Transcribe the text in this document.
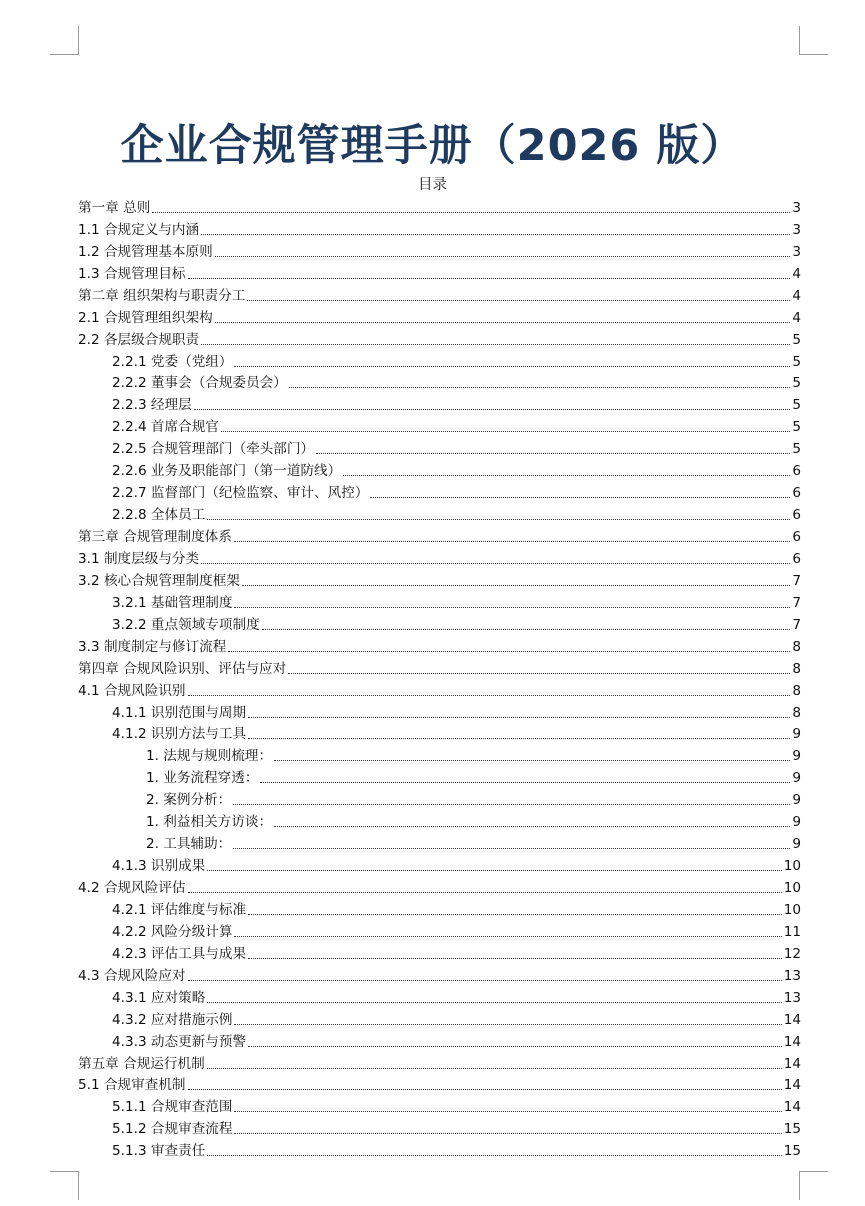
企业合规管理手册（2026 版）
目录
第一章 总则	3
1.1 合规定义与内涵	3
1.2 合规管理基本原则	3
1.3 合规管理目标	4
第二章 组织架构与职责分工	4
2.1 合规管理组织架构	4
2.2 各层级合规职责	5
2.2.1 党委（党组）	5
2.2.2 董事会（合规委员会）	5
2.2.3 经理层	5
2.2.4 首席合规官	5
2.2.5 合规管理部门（牵头部门）	5
2.2.6 业务及职能部门（第一道防线）	6
2.2.7 监督部门（纪检监察、审计、风控）	6
2.2.8 全体员工	6
第三章 合规管理制度体系	6
3.1 制度层级与分类	6
3.2 核心合规管理制度框架	7
3.2.1 基础管理制度	7
3.2.2 重点领域专项制度	7
3.3 制度制定与修订流程	8
第四章 合规风险识别、评估与应对	8
4.1 合规风险识别	8
4.1.1 识别范围与周期	8
4.1.2 识别方法与工具	9
1. 法规与规则梳理：	9
1. 业务流程穿透：	9
2. 案例分析：	9
1. 利益相关方访谈：	9
2. 工具辅助：	9
4.1.3 识别成果	10
4.2 合规风险评估	10
4.2.1 评估维度与标准	10
4.2.2 风险分级计算	11
4.2.3 评估工具与成果	12
4.3 合规风险应对	13
4.3.1 应对策略	13
4.3.2 应对措施示例	14
4.3.3 动态更新与预警	14
第五章 合规运行机制	14
5.1 合规审查机制	14
5.1.1 合规审查范围	14
5.1.2 合规审查流程	15
5.1.3 审查责任	15
